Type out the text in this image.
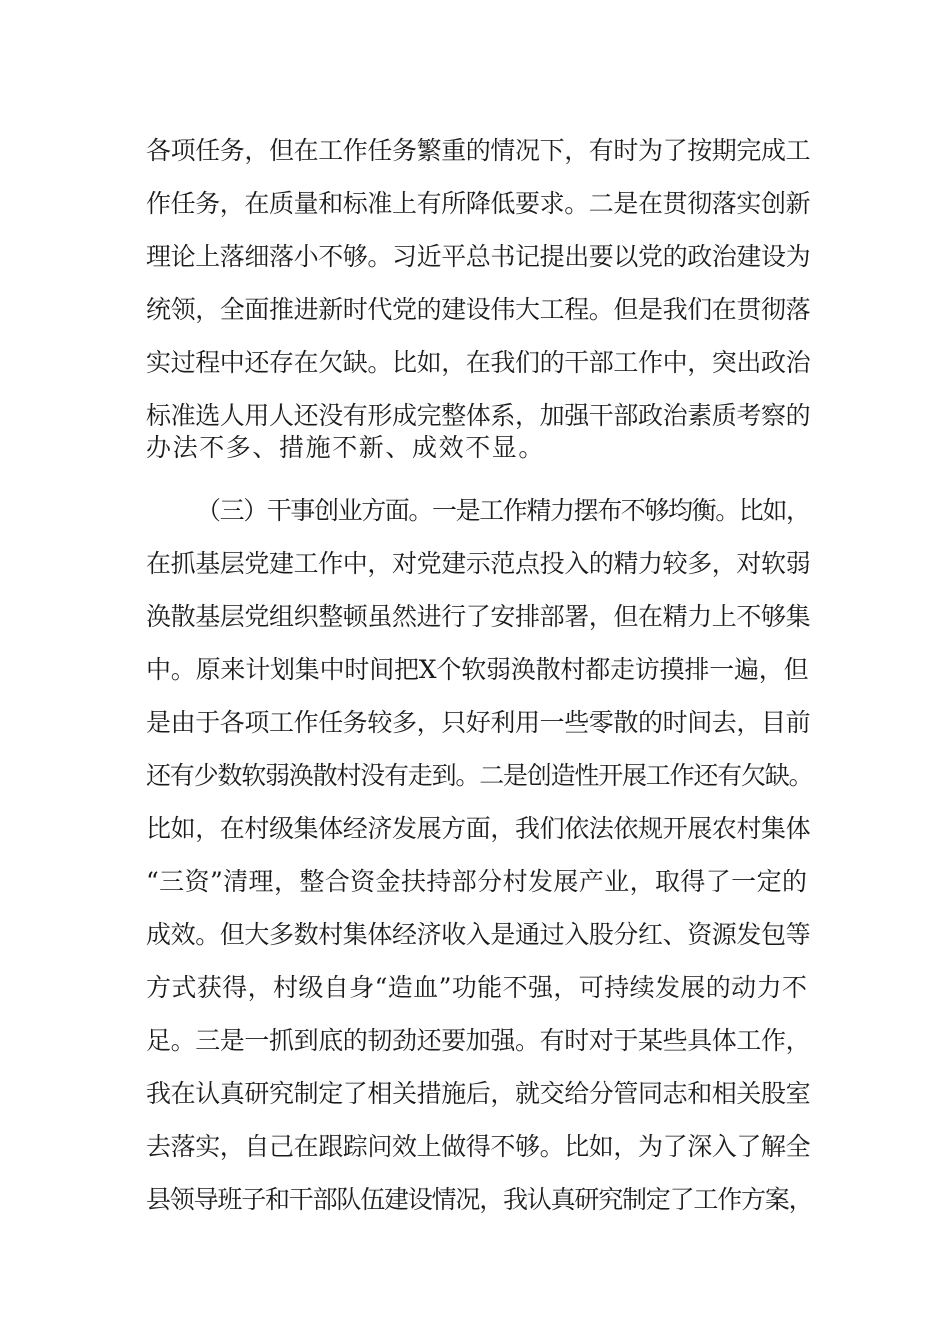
各项任务，但在工作任务繁重的情况下，有时为了按期完成工
作任务，在质量和标准上有所降低要求。二是在贯彻落实创新
理论上落细落小不够。习近平总书记提出要以党的政治建设为
统领，全面推进新时代党的建设伟大工程。但是我们在贯彻落
实过程中还存在欠缺。比如，在我们的干部工作中，突出政治
标准选人用人还没有形成完整体系，加强干部政治素质考察的
办法不多、措施不新、成效不显。
（三）干事创业方面。一是工作精力摆布不够均衡。比如，
在抓基层党建工作中，对党建示范点投入的精力较多，对软弱
涣散基层党组织整顿虽然进行了安排部署，但在精力上不够集
中。原来计划集中时间把X个软弱涣散村都走访摸排一遍，但
是由于各项工作任务较多，只好利用一些零散的时间去，目前
还有少数软弱涣散村没有走到。二是创造性开展工作还有欠缺。
比如，在村级集体经济发展方面，我们依法依规开展农村集体
“三资”清理，整合资金扶持部分村发展产业，取得了一定的
成效。但大多数村集体经济收入是通过入股分红、资源发包等
方式获得，村级自身“造血”功能不强，可持续发展的动力不
足。三是一抓到底的韧劲还要加强。有时对于某些具体工作，
我在认真研究制定了相关措施后，就交给分管同志和相关股室
去落实，自己在跟踪问效上做得不够。比如，为了深入了解全
县领导班子和干部队伍建设情况，我认真研究制定了工作方案，
